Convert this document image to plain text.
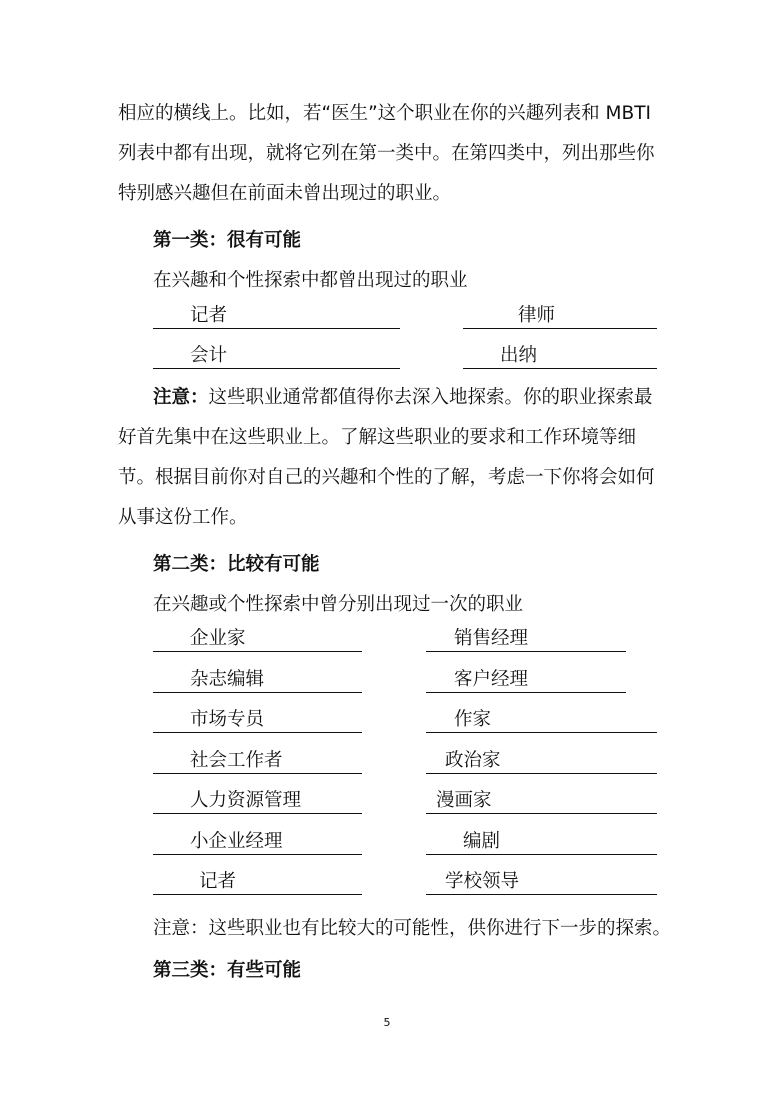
相应的横线上。比如，若“医生”这个职业在你的兴趣列表和 MBTI 列表中都有出现，就将它列在第一类中。在第四类中，列出那些你特别感兴趣但在前面未曾出现过的职业。

第一类：很有可能

在兴趣和个性探索中都曾出现过的职业

记者	律师
会计	出纳

注意：这些职业通常都值得你去深入地探索。你的职业探索最好首先集中在这些职业上。了解这些职业的要求和工作环境等细节。根据目前你对自己的兴趣和个性的了解，考虑一下你将会如何从事这份工作。

第二类：比较有可能

在兴趣或个性探索中曾分别出现过一次的职业

企业家
杂志编辑
市场专员
社会工作者
人力资源管理
小企业经理
记者
销售经理
客户经理
作家
政治家
漫画家
编剧
学校领导

注意：这些职业也有比较大的可能性，供你进行下一步的探索。

第三类：有些可能

5
